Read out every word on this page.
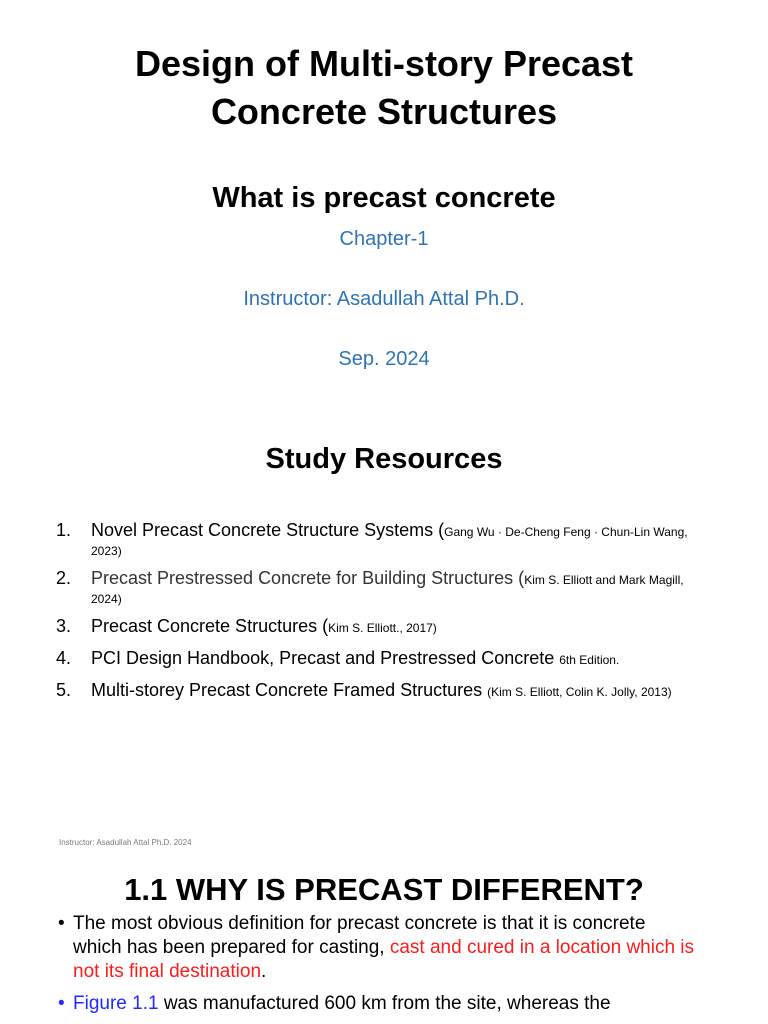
Design of Multi-story Precast
Concrete Structures
What is precast concrete
Chapter-1
Instructor: Asadullah Attal Ph.D.
Sep. 2024
Study Resources
1. Novel Precast Concrete Structure Systems (Gang Wu · De-Cheng Feng · Chun-Lin Wang, 2023)
2. Precast Prestressed Concrete for Building Structures (Kim S. Elliott and Mark Magill, 2024)
3. Precast Concrete Structures (Kim S. Elliott., 2017)
4. PCI Design Handbook, Precast and Prestressed Concrete 6th Edition.
5. Multi-storey Precast Concrete Framed Structures (Kim S. Elliott, Colin K. Jolly, 2013)
Instructor: Asadullah Attal Ph.D. 2024
1.1 WHY IS PRECAST DIFFERENT?
• The most obvious definition for precast concrete is that it is concrete which has been prepared for casting, cast and cured in a location which is not its final destination.
• Figure 1.1 was manufactured 600 km from the site, whereas the
